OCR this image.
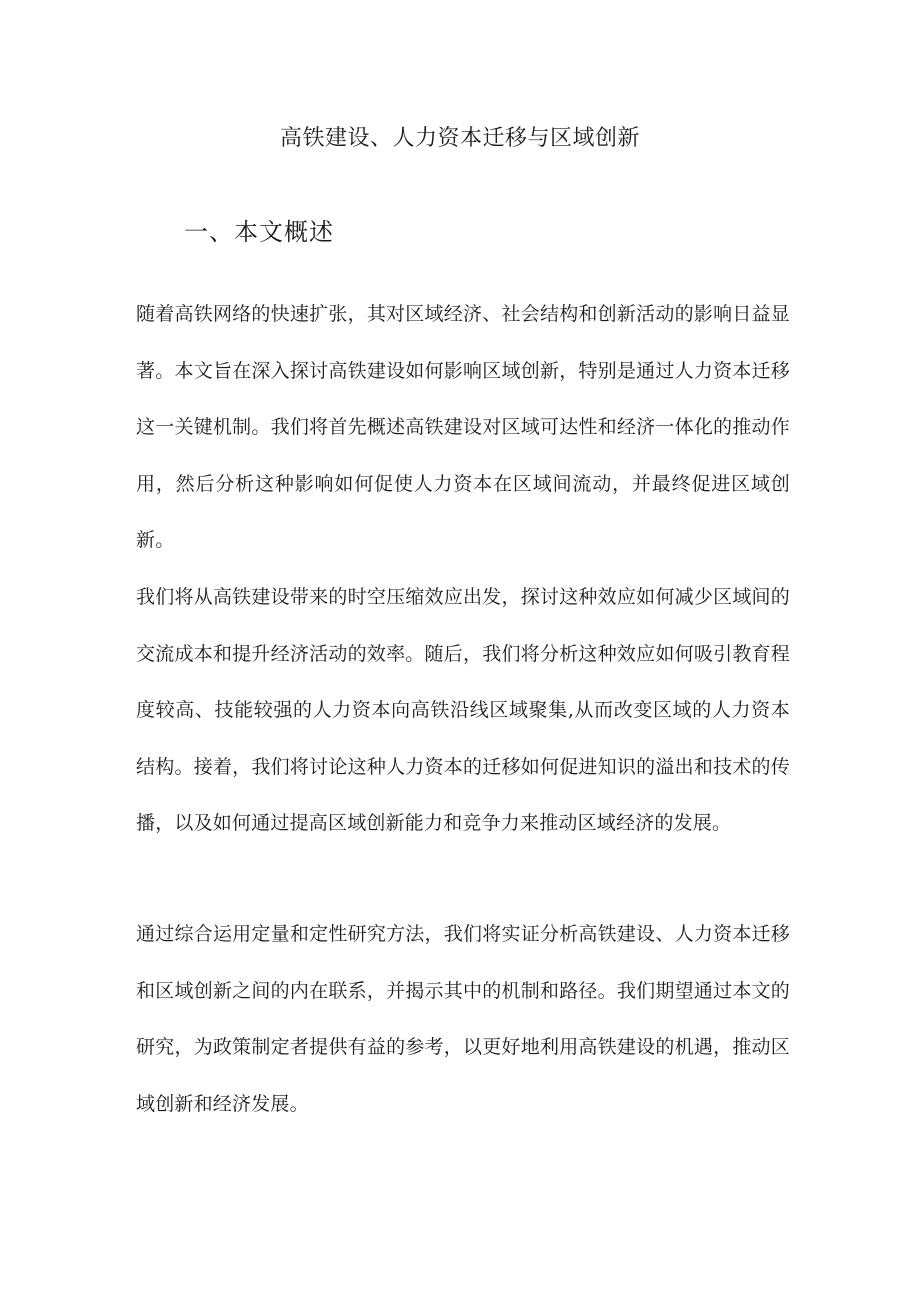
高铁建设、人力资本迁移与区域创新
一、本文概述

随着高铁网络的快速扩张，其对区域经济、社会结构和创新活动的影响日益显著。本文旨在深入探讨高铁建设如何影响区域创新，特别是通过人力资本迁移这一关键机制。我们将首先概述高铁建设对区域可达性和经济一体化的推动作用，然后分析这种影响如何促使人力资本在区域间流动，并最终促进区域创新。

我们将从高铁建设带来的时空压缩效应出发，探讨这种效应如何减少区域间的交流成本和提升经济活动的效率。随后，我们将分析这种效应如何吸引教育程度较高、技能较强的人力资本向高铁沿线区域聚集,从而改变区域的人力资本结构。接着，我们将讨论这种人力资本的迁移如何促进知识的溢出和技术的传播，以及如何通过提高区域创新能力和竞争力来推动区域经济的发展。

通过综合运用定量和定性研究方法，我们将实证分析高铁建设、人力资本迁移和区域创新之间的内在联系，并揭示其中的机制和路径。我们期望通过本文的研究，为政策制定者提供有益的参考，以更好地利用高铁建设的机遇，推动区域创新和经济发展。
